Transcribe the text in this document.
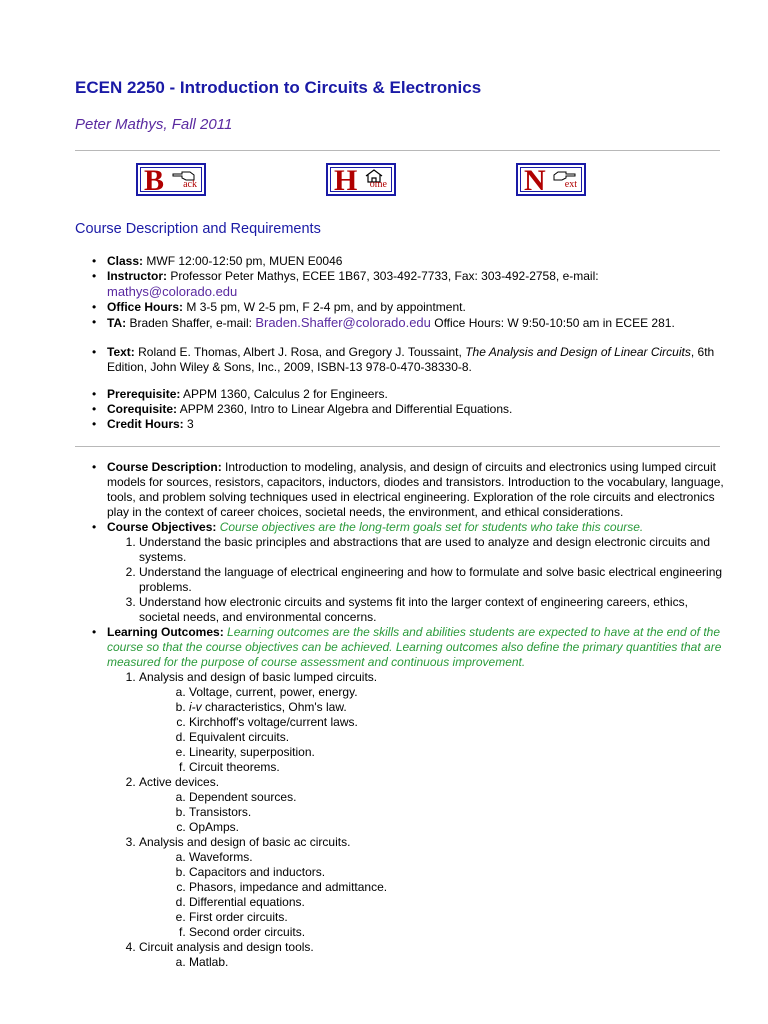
ECEN 2250 - Introduction to Circuits & Electronics
Peter Mathys, Fall 2011
B ack	H ome	N ext
Course Description and Requirements
• Class: MWF 12:00-12:50 pm, MUEN E0046
• Instructor: Professor Peter Mathys, ECEE 1B67, 303-492-7733, Fax: 303-492-2758, e-mail:
mathys@colorado.edu
• Office Hours: M 3-5 pm, W 2-5 pm, F 2-4 pm, and by appointment.
• TA: Braden Shaffer, e-mail: Braden.Shaffer@colorado.edu Office Hours: W 9:50-10:50 am in ECEE 281.
• Text: Roland E. Thomas, Albert J. Rosa, and Gregory J. Toussaint, The Analysis and Design of Linear Circuits, 6th Edition, John Wiley & Sons, Inc., 2009, ISBN-13 978-0-470-38330-8.
• Prerequisite: APPM 1360, Calculus 2 for Engineers.
• Corequisite: APPM 2360, Intro to Linear Algebra and Differential Equations.
• Credit Hours: 3
• Course Description: Introduction to modeling, analysis, and design of circuits and electronics using lumped circuit models for sources, resistors, capacitors, inductors, diodes and transistors. Introduction to the vocabulary, language, tools, and problem solving techniques used in electrical engineering. Exploration of the role circuits and electronics play in the context of career choices, societal needs, the environment, and ethical considerations.
• Course Objectives: Course objectives are the long-term goals set for students who take this course.
1. Understand the basic principles and abstractions that are used to analyze and design electronic circuits and systems.
2. Understand the language of electrical engineering and how to formulate and solve basic electrical engineering problems.
3. Understand how electronic circuits and systems fit into the larger context of engineering careers, ethics, societal needs, and environmental concerns.
• Learning Outcomes: Learning outcomes are the skills and abilities students are expected to have at the end of the course so that the course objectives can be achieved. Learning outcomes also define the primary quantities that are measured for the purpose of course assessment and continuous improvement.
1. Analysis and design of basic lumped circuits.
a. Voltage, current, power, energy.
b. i-v characteristics, Ohm's law.
c. Kirchhoff's voltage/current laws.
d. Equivalent circuits.
e. Linearity, superposition.
f. Circuit theorems.
2. Active devices.
a. Dependent sources.
b. Transistors.
c. OpAmps.
3. Analysis and design of basic ac circuits.
a. Waveforms.
b. Capacitors and inductors.
c. Phasors, impedance and admittance.
d. Differential equations.
e. First order circuits.
f. Second order circuits.
4. Circuit analysis and design tools.
a. Matlab.
